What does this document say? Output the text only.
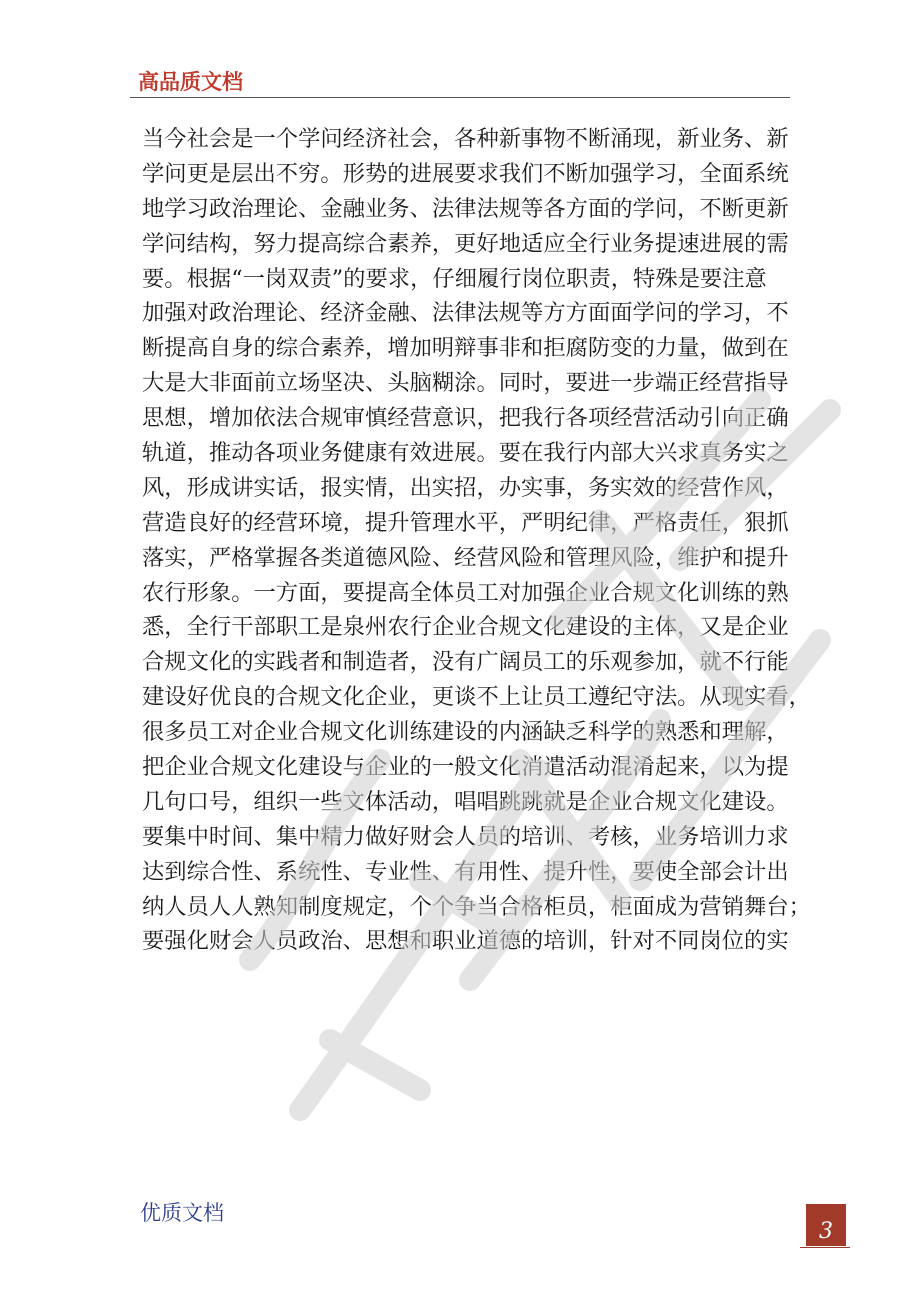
高品质文档
当今社会是一个学问经济社会，各种新事物不断涌现，新业务、新
学问更是层出不穷。形势的进展要求我们不断加强学习，全面系统
地学习政治理论、金融业务、法律法规等各方面的学问，不断更新
学问结构，努力提高综合素养，更好地适应全行业务提速进展的需
要。根据“一岗双责”的要求，仔细履行岗位职责，特殊是要注意
加强对政治理论、经济金融、法律法规等方方面面学问的学习，不
断提高自身的综合素养，增加明辩事非和拒腐防变的力量，做到在
大是大非面前立场坚决、头脑糊涂。同时，要进一步端正经营指导
思想，增加依法合规审慎经营意识，把我行各项经营活动引向正确
轨道，推动各项业务健康有效进展。要在我行内部大兴求真务实之
风，形成讲实话，报实情，出实招，办实事，务实效的经营作风，
营造良好的经营环境，提升管理水平，严明纪律，严格责任，狠抓
落实，严格掌握各类道德风险、经营风险和管理风险，维护和提升
农行形象。一方面，要提高全体员工对加强企业合规文化训练的熟
悉，全行干部职工是泉州农行企业合规文化建设的主体，又是企业
合规文化的实践者和制造者，没有广阔员工的乐观参加，就不行能
建设好优良的合规文化企业，更谈不上让员工遵纪守法。从现实看，
很多员工对企业合规文化训练建设的内涵缺乏科学的熟悉和理解，
把企业合规文化建设与企业的一般文化消遣活动混淆起来，以为提
几句口号，组织一些文体活动，唱唱跳跳就是企业合规文化建设。
要集中时间、集中精力做好财会人员的培训、考核，业务培训力求
达到综合性、系统性、专业性、有用性、提升性，要使全部会计出
纳人员人人熟知制度规定，个个争当合格柜员，柜面成为营销舞台；
要强化财会人员政治、思想和职业道德的培训，针对不同岗位的实
优质文档
3
